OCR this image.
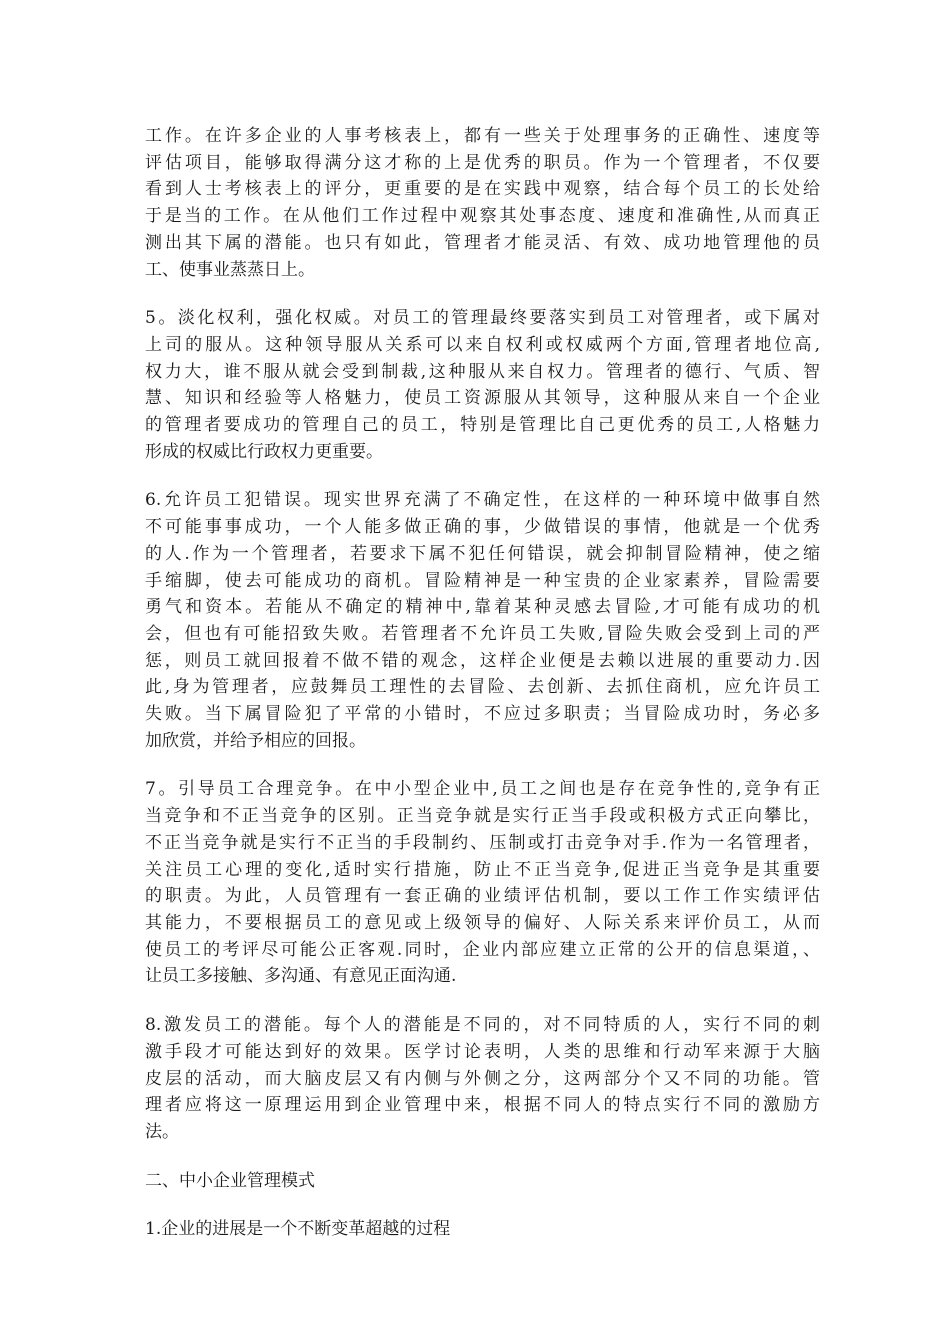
工作。在许多企业的人事考核表上，都有一些关于处理事务的正确性、速度等
评估项目，能够取得满分这才称的上是优秀的职员。作为一个管理者，不仅要
看到人士考核表上的评分，更重要的是在实践中观察，结合每个员工的长处给
于是当的工作。在从他们工作过程中观察其处事态度、速度和准确性,从而真正
测出其下属的潜能。也只有如此，管理者才能灵活、有效、成功地管理他的员
工、使事业蒸蒸日上。
5。淡化权利，强化权威。对员工的管理最终要落实到员工对管理者，或下属对
上司的服从。这种领导服从关系可以来自权利或权威两个方面,管理者地位高,
权力大，谁不服从就会受到制裁,这种服从来自权力。管理者的德行、气质、智
慧、知识和经验等人格魅力，使员工资源服从其领导，这种服从来自一个企业
的管理者要成功的管理自己的员工，特别是管理比自己更优秀的员工,人格魅力
形成的权威比行政权力更重要。
6.允许员工犯错误。现实世界充满了不确定性，在这样的一种环境中做事自然
不可能事事成功，一个人能多做正确的事，少做错误的事情，他就是一个优秀
的人.作为一个管理者，若要求下属不犯任何错误，就会抑制冒险精神，使之缩
手缩脚，使去可能成功的商机。冒险精神是一种宝贵的企业家素养，冒险需要
勇气和资本。若能从不确定的精神中,靠着某种灵感去冒险,才可能有成功的机
会，但也有可能招致失败。若管理者不允许员工失败,冒险失败会受到上司的严
惩，则员工就回报着不做不错的观念，这样企业便是去赖以进展的重要动力.因
此,身为管理者，应鼓舞员工理性的去冒险、去创新、去抓住商机，应允许员工
失败。当下属冒险犯了平常的小错时，不应过多职责；当冒险成功时，务必多
加欣赏，并给予相应的回报。
7。引导员工合理竞争。在中小型企业中,员工之间也是存在竞争性的,竞争有正
当竞争和不正当竞争的区别。正当竞争就是实行正当手段或积极方式正向攀比，
不正当竞争就是实行不正当的手段制约、压制或打击竞争对手.作为一名管理者，
关注员工心理的变化,适时实行措施，防止不正当竞争,促进正当竞争是其重要
的职责。为此，人员管理有一套正确的业绩评估机制，要以工作工作实绩评估
其能力，不要根据员工的意见或上级领导的偏好、人际关系来评价员工，从而
使员工的考评尽可能公正客观.同时，企业内部应建立正常的公开的信息渠道，、
让员工多接触、多沟通、有意见正面沟通.
8.激发员工的潜能。每个人的潜能是不同的，对不同特质的人，实行不同的刺
激手段才可能达到好的效果。医学讨论表明，人类的思维和行动军来源于大脑
皮层的活动，而大脑皮层又有内侧与外侧之分，这两部分个又不同的功能。管
理者应将这一原理运用到企业管理中来，根据不同人的特点实行不同的激励方
法。
二、中小企业管理模式
1.企业的进展是一个不断变革超越的过程
